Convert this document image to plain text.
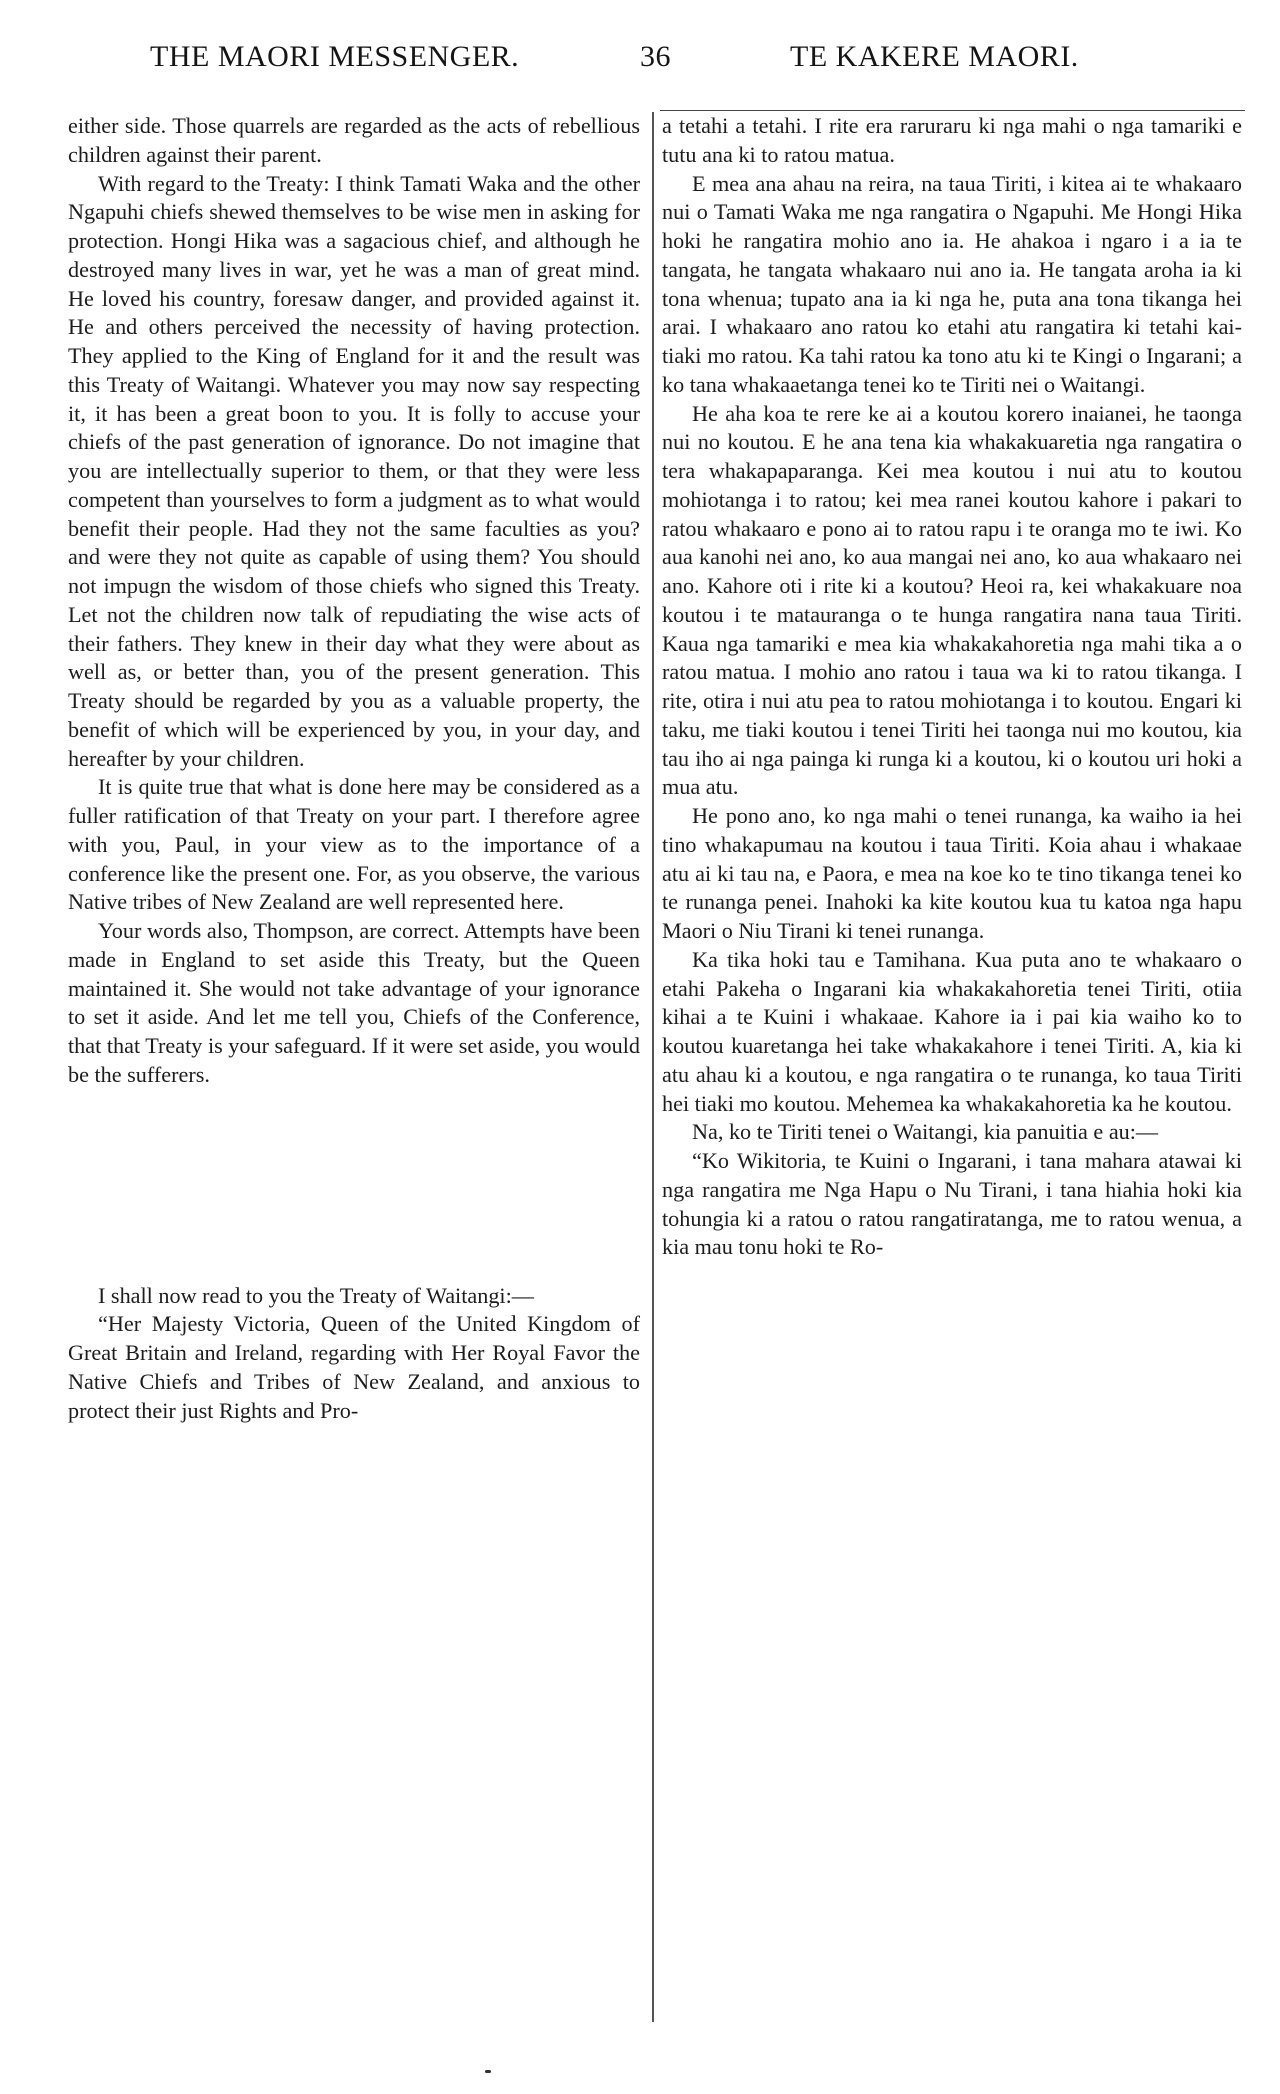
THE MAORI MESSENGER.	36	TE KAKERE MAORI.

either side. Those quarrels are regarded as the acts of rebellious children against their parent.

With regard to the Treaty: I think Tamati Waka and the other Ngapuhi chiefs shewed themselves to be wise men in asking for protection. Hongi Hika was a sagacious chief, and although he destroyed many lives in war, yet he was a man of great mind. He loved his country, foresaw danger, and provided against it. He and others perceived the necessity of having protection. They applied to the King of England for it and the result was this Treaty of Waitangi. Whatever you may now say respecting it, it has been a great boon to you. It is folly to accuse your chiefs of the past generation of ignorance. Do not imagine that you are intellectually superior to them, or that they were less competent than yourselves to form a judgment as to what would benefit their people. Had they not the same faculties as you? and were they not quite as capable of using them? You should not impugn the wisdom of those chiefs who signed this Treaty. Let not the children now talk of repudiating the wise acts of their fathers. They knew in their day what they were about as well as, or better than, you of the present generation. This Treaty should be regarded by you as a valuable property, the benefit of which will be experienced by you, in your day, and hereafter by your children.

It is quite true that what is done here may be considered as a fuller ratification of that Treaty on your part. I therefore agree with you, Paul, in your view as to the importance of a conference like the present one. For, as you observe, the various Native tribes of New Zealand are well represented here.

Your words also, Thompson, are correct. Attempts have been made in England to set aside this Treaty, but the Queen maintained it. She would not take advantage of your ignorance to set it aside. And let me tell you, Chiefs of the Conference, that that Treaty is your safeguard. If it were set aside, you would be the sufferers.

I shall now read to you the Treaty of Waitangi:—

“Her Majesty Victoria, Queen of the United Kingdom of Great Britain and Ireland, regarding with Her Royal Favor the Native Chiefs and Tribes of New Zealand, and anxious to protect their just Rights and Pro-

a tetahi a tetahi. I rite era raruraru ki nga mahi o nga tamariki e tutu ana ki to ratou matua.

E mea ana ahau na reira, na taua Tiriti, i kitea ai te whakaaro nui o Tamati Waka me nga rangatira o Ngapuhi. Me Hongi Hika hoki he rangatira mohio ano ia. He ahakoa i ngaro i a ia te tangata, he tangata whakaaro nui ano ia. He tangata aroha ia ki tona whenua; tupato ana ia ki nga he, puta ana tona tikanga hei arai. I whakaaro ano ratou ko etahi atu rangatira ki tetahi kai-tiaki mo ratou. Ka tahi ratou ka tono atu ki te Kingi o Ingarani; a ko tana whakaaetanga tenei ko te Tiriti nei o Waitangi.

He aha koa te rere ke ai a koutou korero inaianei, he taonga nui no koutou. E he ana tena kia whakakuaretia nga rangatira o tera whakapaparanga. Kei mea koutou i nui atu to koutou mohiotanga i to ratou; kei mea ranei koutou kahore i pakari to ratou whakaaro e pono ai to ratou rapu i te oranga mo te iwi. Ko aua kanohi nei ano, ko aua mangai nei ano, ko aua whakaaro nei ano. Kahore oti i rite ki a koutou? Heoi ra, kei whakakuare noa koutou i te matauranga o te hunga rangatira nana taua Tiriti. Kaua nga tamariki e mea kia whakakahoretia nga mahi tika a o ratou matua. I mohio ano ratou i taua wa ki to ratou tikanga. I rite, otira i nui atu pea to ratou mohiotanga i to koutou. Engari ki taku, me tiaki koutou i tenei Tiriti hei taonga nui mo koutou, kia tau iho ai nga painga ki runga ki a koutou, ki o koutou uri hoki a mua atu.

He pono ano, ko nga mahi o tenei runanga, ka waiho ia hei tino whakapumau na koutou i taua Tiriti. Koia ahau i whakaae atu ai ki tau na, e Paora, e mea na koe ko te tino tikanga tenei ko te runanga penei. Inahoki ka kite koutou kua tu katoa nga hapu Maori o Niu Tirani ki tenei runanga.

Ka tika hoki tau e Tamihana. Kua puta ano te whakaaro o etahi Pakeha o Ingarani kia whakakahoretia tenei Tiriti, otiia kihai a te Kuini i whakaae. Kahore ia i pai kia waiho ko to koutou kuaretanga hei take whakakahore i tenei Tiriti. A, kia ki atu ahau ki a koutou, e nga rangatira o te runanga, ko taua Tiriti hei tiaki mo koutou. Mehemea ka whakakahoretia ka he koutou.

Na, ko te Tiriti tenei o Waitangi, kia panuitia e au:—

“Ko Wikitoria, te Kuini o Ingarani, i tana mahara atawai ki nga rangatira me Nga Hapu o Nu Tirani, i tana hiahia hoki kia tohungia ki a ratou o ratou rangatiratanga, me to ratou wenua, a kia mau tonu hoki te Ro-
